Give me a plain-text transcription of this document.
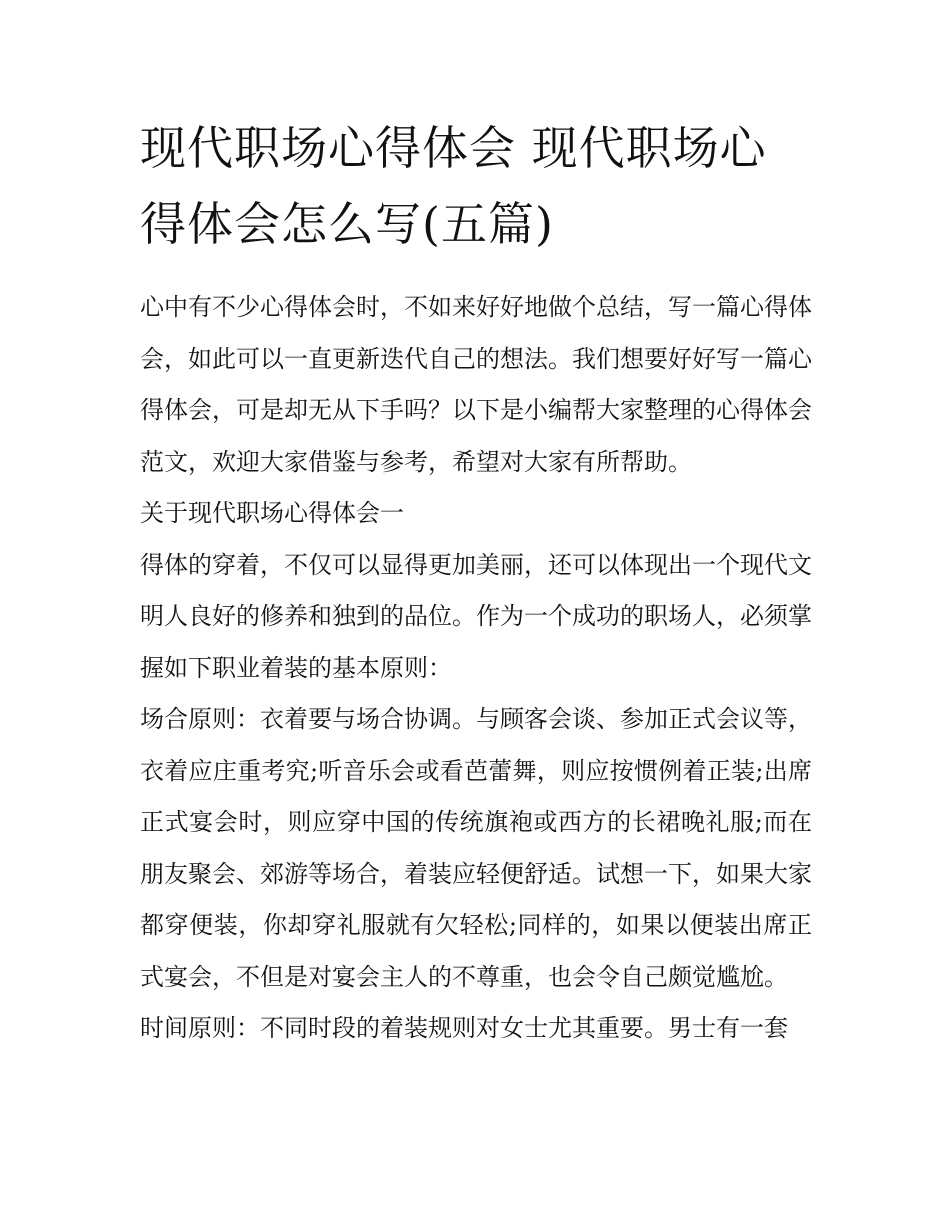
现代职场心得体会 现代职场心得体会怎么写(五篇)

心中有不少心得体会时，不如来好好地做个总结，写一篇心得体会，如此可以一直更新迭代自己的想法。我们想要好好写一篇心得体会，可是却无从下手吗？以下是小编帮大家整理的心得体会范文，欢迎大家借鉴与参考，希望对大家有所帮助。

关于现代职场心得体会一

得体的穿着，不仅可以显得更加美丽，还可以体现出一个现代文明人良好的修养和独到的品位。作为一个成功的职场人，必须掌握如下职业着装的基本原则：

场合原则：衣着要与场合协调。与顾客会谈、参加正式会议等，衣着应庄重考究;听音乐会或看芭蕾舞，则应按惯例着正装;出席正式宴会时，则应穿中国的传统旗袍或西方的长裙晚礼服;而在朋友聚会、郊游等场合，着装应轻便舒适。试想一下，如果大家都穿便装，你却穿礼服就有欠轻松;同样的，如果以便装出席正式宴会，不但是对宴会主人的不尊重，也会令自己颇觉尴尬。

时间原则：不同时段的着装规则对女士尤其重要。男士有一套
